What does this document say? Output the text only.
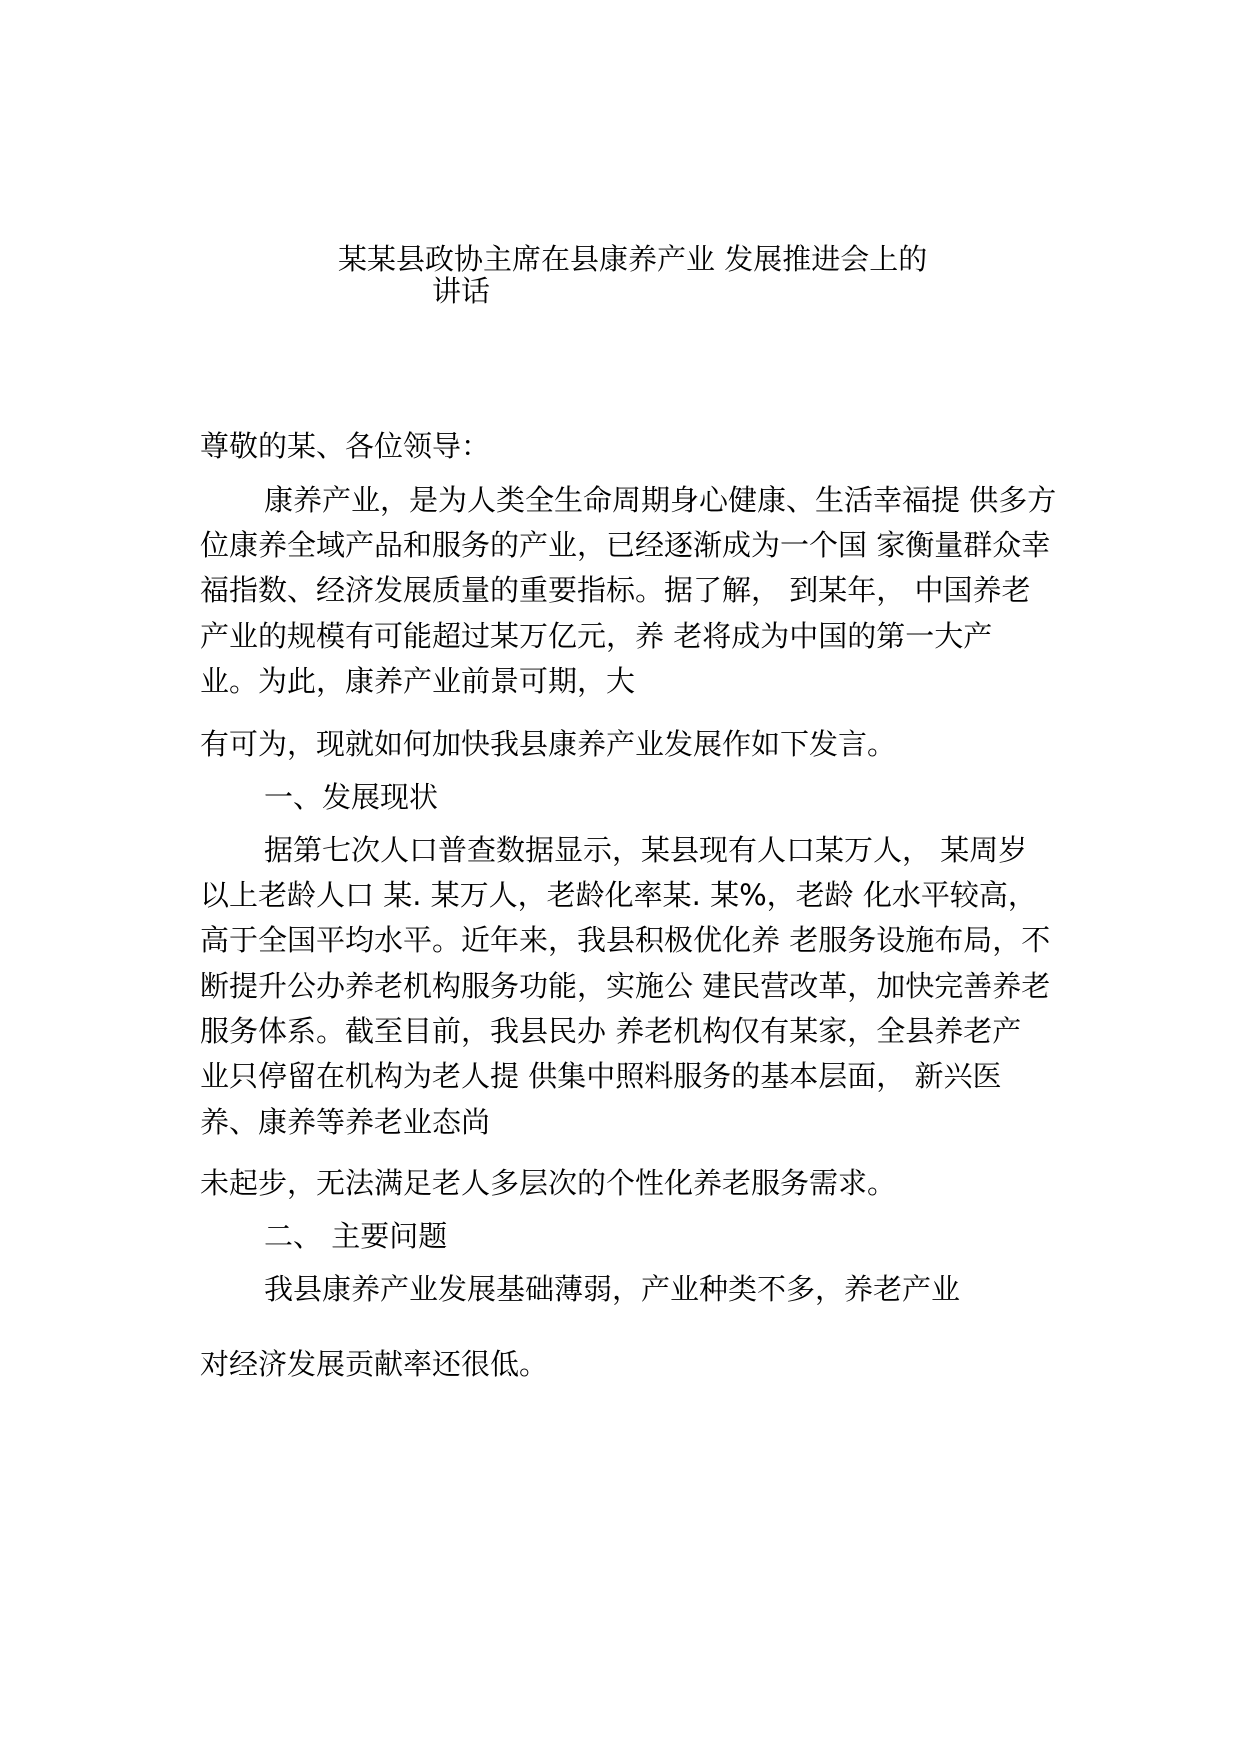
某某县政协主席在县康养产业 发展推进会上的
讲话
尊敬的某、各位领导：
康养产业，是为人类全生命周期身心健康、生活幸福提 供多方
位康养全域产品和服务的产业，已经逐渐成为一个国 家衡量群众幸
福指数、经济发展质量的重要指标。据了解， 到某年， 中国养老
产业的规模有可能超过某万亿元，养 老将成为中国的第一大产
业。为此，康养产业前景可期，大
有可为，现就如何加快我县康养产业发展作如下发言。
一、发展现状
据第七次人口普查数据显示，某县现有人口某万人， 某周岁
以上老龄人口 某. 某万人，老龄化率某. 某%，老龄 化水平较高，
高于全国平均水平。近年来，我县积极优化养 老服务设施布局，不
断提升公办养老机构服务功能，实施公 建民营改革，加快完善养老
服务体系。截至目前，我县民办 养老机构仅有某家，全县养老产
业只停留在机构为老人提 供集中照料服务的基本层面， 新兴医
养、康养等养老业态尚
未起步，无法满足老人多层次的个性化养老服务需求。
二、 主要问题
我县康养产业发展基础薄弱，产业种类不多，养老产业
对经济发展贡献率还很低。
